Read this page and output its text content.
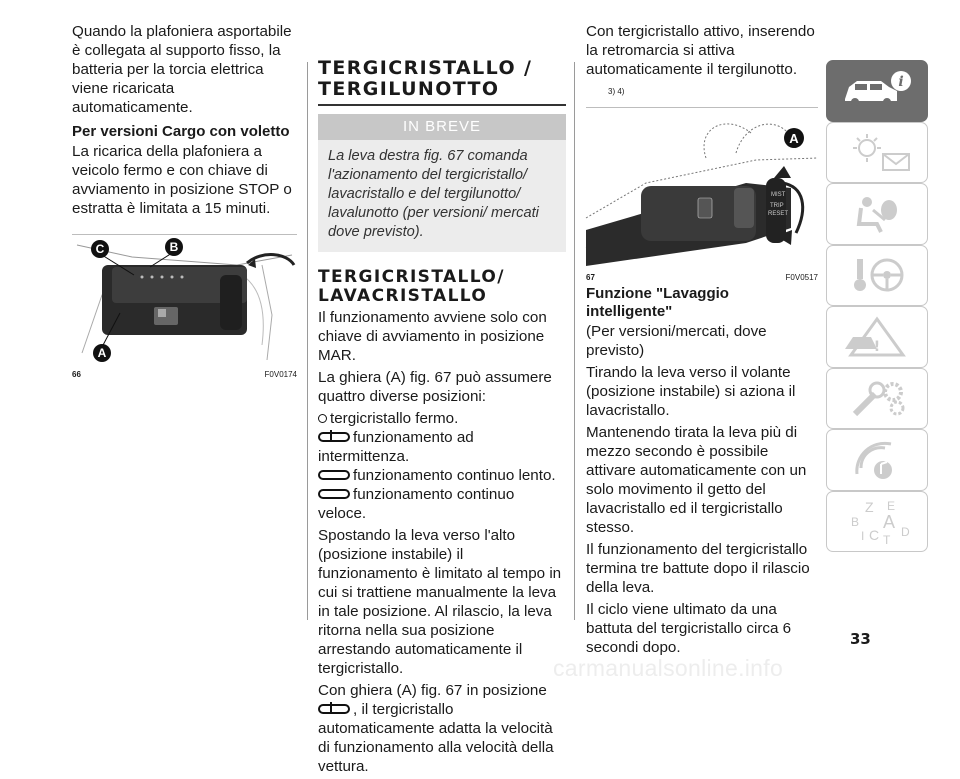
Quando la plafoniera asportabile è collegata al supporto fisso, la batteria per la torcia elettrica viene ricaricata automaticamente.

Per versioni Cargo con voletto

La ricarica della plafoniera a veicolo fermo e con chiave di avviamento in posizione STOP o estratta è limitata a 15 minuti.

A
C	B
66	F0V0174
TERGICRISTALLO / TERGILUNOTTO
IN BREVE
La leva destra fig. 67 comanda l'azionamento del tergicristallo/ lavacristallo e del tergilunotto/ lavalunotto (per versioni/ mercati dove previsto).
TERGICRISTALLO/ LAVACRISTALLO

Il funzionamento avviene solo con chiave di avviamento in posizione MAR.

La ghiera (A) fig. 67 può assumere quattro diverse posizioni:

tergicristallo fermo.
funzionamento ad intermittenza.
funzionamento continuo lento.
funzionamento continuo veloce.

Spostando la leva verso l'alto (posizione instabile) il funzionamento è limitato al tempo in cui si trattiene manualmente la leva in tale posizione. Al rilascio, la leva ritorna nella sua posizione arrestando automaticamente il tergicristallo.

Con ghiera (A) fig. 67 in posizione , il tergicristallo automaticamente adatta la velocità di funzionamento alla velocità della vettura.

Con tergicristallo attivo, inserendo la retromarcia si attiva automaticamente il tergilunotto.

3) 4)
MIST
TRIP
RESET
A
67	F0V0517
Funzione "Lavaggio intelligente"

(Per versioni/mercati, dove previsto)

Tirando la leva verso il volante (posizione instabile) si aziona il lavacristallo.

Mantenendo tirata la leva più di mezzo secondo è possibile attivare automaticamente con un solo movimento il getto del lavacristallo ed il tergicristallo stesso.

Il funzionamento del tergicristallo termina tre battute dopo il rilascio della leva.

Il ciclo viene ultimato da una battuta del tergicristallo circa 6 secondi dopo.

i
!
Z E
B A
I C D
T
33
carmanualsonline.info
